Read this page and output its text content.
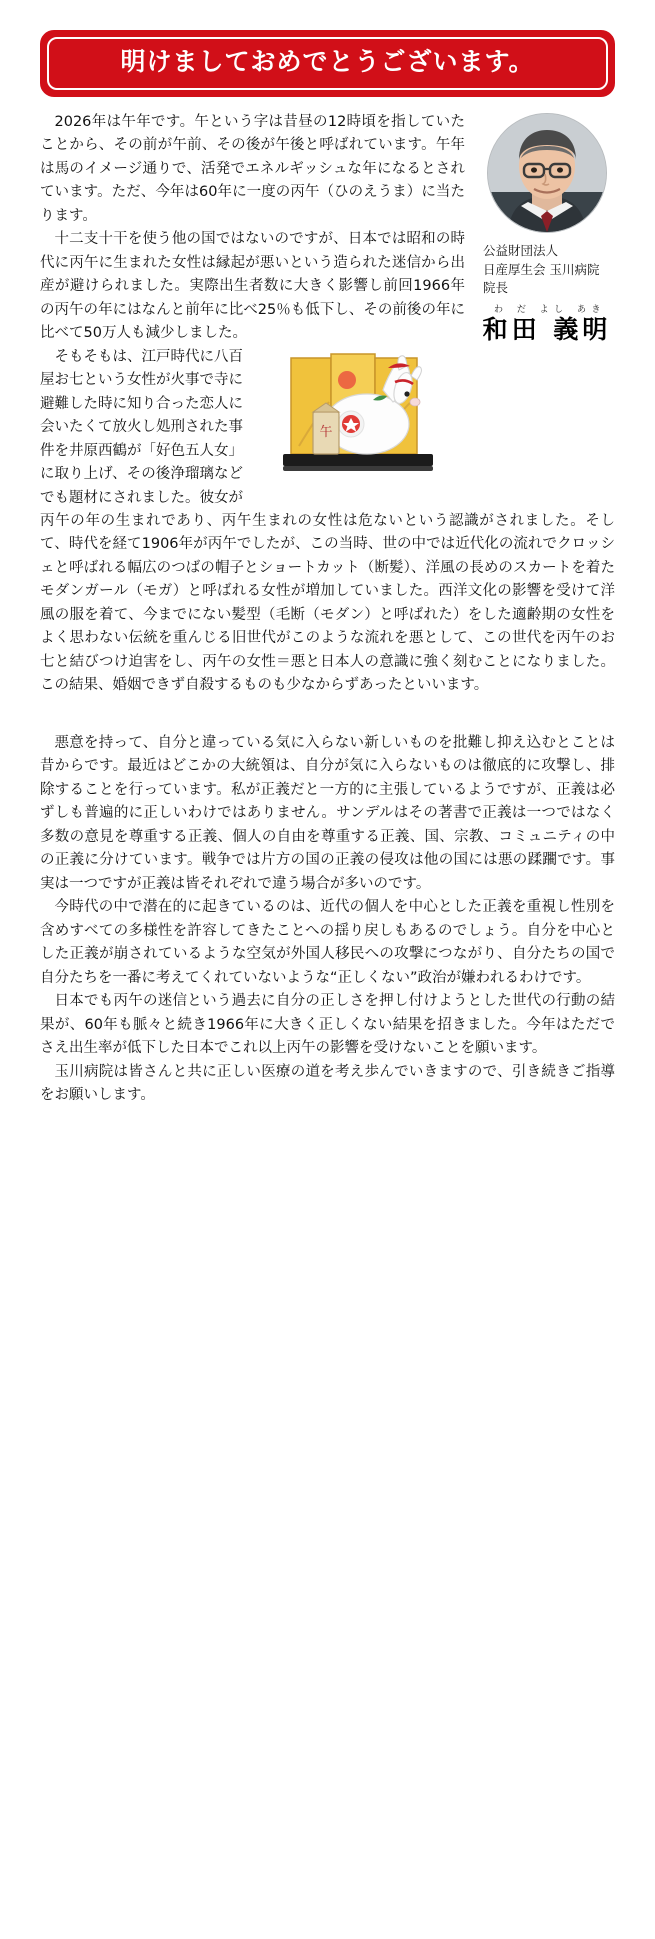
明けましておめでとうございます。
公益財団法人
日産厚生会 玉川病院
院長
わ だ よし あき
和田 義明

2026年は午年です。午という字は昔昼の12時頃を指していたことから、その前が午前、その後が午後と呼ばれています。午年は馬のイメージ通りで、活発でエネルギッシュな年になるとされています。ただ、今年は60年に一度の丙午（ひのえうま）に当たります。

十二支十干を使う他の国ではないのですが、日本では昭和の時代に丙午に生まれた女性は縁起が悪いという造られた迷信から出産が避けられました。実際出生者数に大きく影響し前回1966年の丙午の年にはなんと前年に比べ25％も低下し、その前後の年に比べて50万人も減少しました。

午

そもそもは、江戸時代に八百屋お七という女性が火事で寺に避難した時に知り合った恋人に会いたくて放火し処刑された事件を井原西鶴が「好色五人女」に取り上げ、その後浄瑠璃などでも題材にされました。彼女が丙午の年の生まれであり、丙午生まれの女性は危ないという認識がされました。そして、時代を経て1906年が丙午でしたが、この当時、世の中では近代化の流れでクロッシェと呼ばれる幅広のつばの帽子とショートカット（断髪）、洋風の長めのスカートを着たモダンガール（モガ）と呼ばれる女性が増加していました。西洋文化の影響を受けて洋風の服を着て、今までにない髪型（毛断（モダン）と呼ばれた）をした適齢期の女性をよく思わない伝統を重んじる旧世代がこのような流れを悪として、この世代を丙午のお七と結びつけ迫害をし、丙午の女性＝悪と日本人の意識に強く刻むことになりました。この結果、婚姻できず自殺するものも少なからずあったといいます。

悪意を持って、自分と違っている気に入らない新しいものを批難し抑え込むとことは昔からです。最近はどこかの大統領は、自分が気に入らないものは徹底的に攻撃し、排除することを行っています。私が正義だと一方的に主張しているようですが、正義は必ずしも普遍的に正しいわけではありません。サンデルはその著書で正義は一つではなく多数の意見を尊重する正義、個人の自由を尊重する正義、国、宗教、コミュニティの中の正義に分けています。戦争では片方の国の正義の侵攻は他の国には悪の蹂躙です。事実は一つですが正義は皆それぞれで違う場合が多いのです。

今時代の中で潜在的に起きているのは、近代の個人を中心とした正義を重視し性別を含めすべての多様性を許容してきたことへの揺り戻しもあるのでしょう。自分を中心とした正義が崩されているような空気が外国人移民への攻撃につながり、自分たちの国で自分たちを一番に考えてくれていないような“正しくない”政治が嫌われるわけです。

日本でも丙午の迷信という過去に自分の正しさを押し付けようとした世代の行動の結果が、60年も脈々と続き1966年に大きく正しくない結果を招きました。今年はただでさえ出生率が低下した日本でこれ以上丙午の影響を受けないことを願います。

玉川病院は皆さんと共に正しい医療の道を考え歩んでいきますので、引き続きご指導をお願いします。
